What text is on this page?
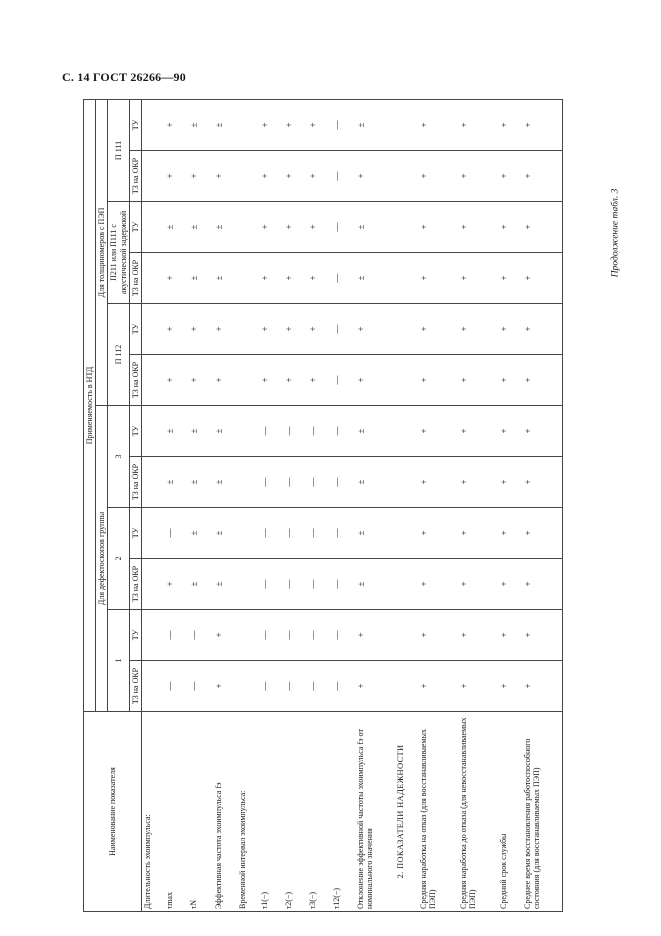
С. 14 ГОСТ 26266—90
Продолжение табл. 3
Наименование показателя	Применяемость в НТД											
	Для дефектоскопов группы						Для толщиномеров с ПЭП					
	1		2		3		П 112		П211 или П111 с акустической задержкой		П 111	
	ТЗ на ОКР	ТУ	ТЗ на ОКР	ТУ	ТЗ на ОКР	ТУ	ТЗ на ОКР	ТУ	ТЗ на ОКР	ТУ	ТЗ на ОКР	ТУ
Длительность эхоимпульса:												
τmax	—	—	+	—	±	±	+	+	+	±	+	+
τN	—	—	±	±	±	±	+	+	±	±	+	±
Эффективная частота эхоимпульса fэ	+	+	±	±	±	±	+	+	±	±	+	±
Временной интервал эхоимпульса:												
τ1(−)	—	—	—	—	—	—	+	+	+	+	+	+
τ2(−)	—	—	—	—	—	—	+	+	+	+	+	+
τ3(−)	—	—	—	—	—	—	+	+	+	+	+	+
τ12(−)	—	—	—	—	—	—	—	—	—	—	—	—
Отклонение эффективной частоты эхоимпульса fэ от номинального значения	+	+	±	±	±	±	+	+	±	±	+	±
2. ПОКАЗАТЕЛИ НАДЕЖНОСТИ												
Средняя наработка на отказ (для восстанавливаемых ПЭП)	+	+	+	+	+	+	+	+	+	+	+	+
Средняя наработка до отказа (для невосстанавливаемых ПЭП)	+	+	+	+	+	+	+	+	+	+	+	+
Средний срок службы	+	+	+	+	+	+	+	+	+	+	+	+
Среднее время восстановления работоспособного состояния (для восстанавливаемых ПЭП)	+	+	+	+	+	+	+	+	+	+	+	+
